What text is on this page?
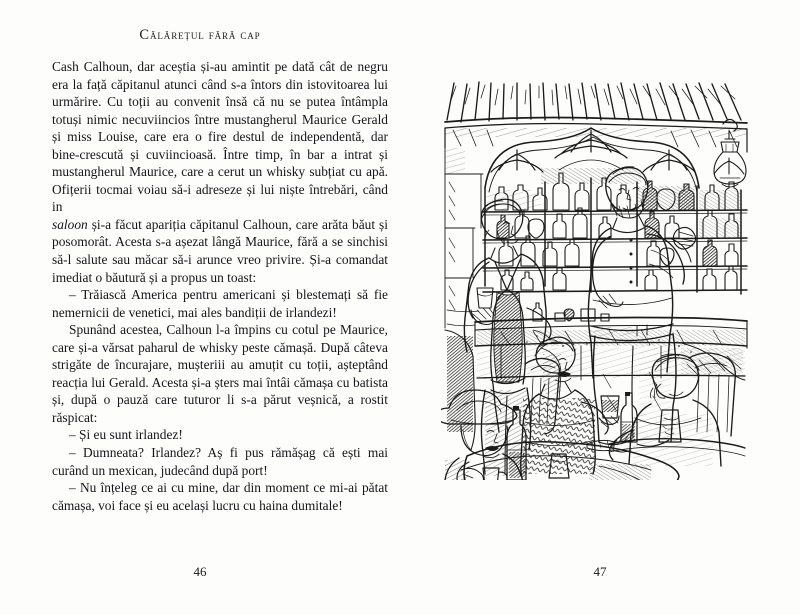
Călărețul fără cap

Cash Calhoun, dar aceștia și-au amintit pe dată cât de negru era la față căpitanul atunci când s-a întors din istovitoarea lui urmărire. Cu toții au convenit însă că nu se putea întâmpla totuși nimic necuviincios între mustangherul Maurice Gerald și miss Louise, care era o fire destul de independentă, dar bine-crescută și cuviincioasă. Între timp, în bar a intrat și mustangherul Maurice, care a cerut un whisky subțiat cu apă. Ofițerii tocmai voiau să-i adreseze și lui niște întrebări, când in

saloon și-a făcut apariția căpitanul Calhoun, care arăta băut și posomorât. Acesta s-a așezat lângă Maurice, fără a se sinchisi să-l salute sau măcar să-i arunce vreo privire. Și-a comandat imediat o băutură și a propus un toast:

– Trăiască America pentru americani și blestemați să fie nemernicii de venetici, mai ales bandiții de irlandezi!

Spunând acestea, Calhoun l-a împins cu cotul pe Maurice, care și-a vărsat paharul de whisky peste cămașă. După câteva strigăte de încurajare, mușteriii au amuțit cu toții, așteptând reacția lui Gerald. Acesta și-a șters mai întâi cămașa cu batista și, după o pauză care tuturor li s-a părut veșnică, a rostit răspicat:

– Și eu sunt irlandez!

– Dumneata? Irlandez? Aș fi pus rămășag că ești mai curând un mexican, judecând după port!

– Nu înțeleg ce ai cu mine, dar din moment ce mi-ai pătat cămașa, voi face și eu același lucru cu haina dumitale!

46	47
